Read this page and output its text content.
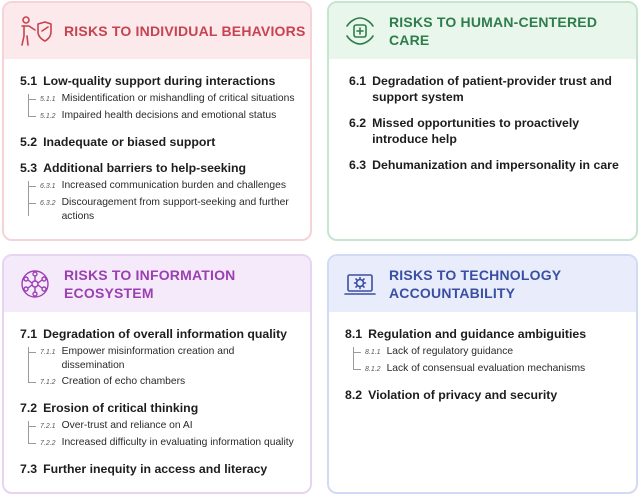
RISKS TO INDIVIDUAL BEHAVIORS
5.1 Low-quality support during interactions
5.1.1 Misidentification or mishandling of critical situations
5.1.2 Impaired health decisions and emotional status
5.2 Inadequate or biased support
5.3 Additional barriers to help-seeking
6.3.1 Increased communication burden and challenges
6.3.2 Discouragement from support-seeking and further actions
RISKS TO HUMAN-CENTERED CARE
6.1 Degradation of patient-provider trust and support system
6.2 Missed opportunities to proactively introduce help
6.3 Dehumanization and impersonality in care
RISKS TO INFORMATION ECOSYSTEM
7.1 Degradation of overall information quality
7.1.1 Empower misinformation creation and dissemination
7.1.2 Creation of echo chambers
7.2 Erosion of critical thinking
7.2.1 Over-trust and reliance on AI
7.2.2 Increased difficulty in evaluating information quality
7.3 Further inequity in access and literacy
RISKS TO TECHNOLOGY ACCOUNTABILITY
8.1 Regulation and guidance ambiguities
8.1.1 Lack of regulatory guidance
8.1.2 Lack of consensual evaluation mechanisms
8.2 Violation of privacy and security
